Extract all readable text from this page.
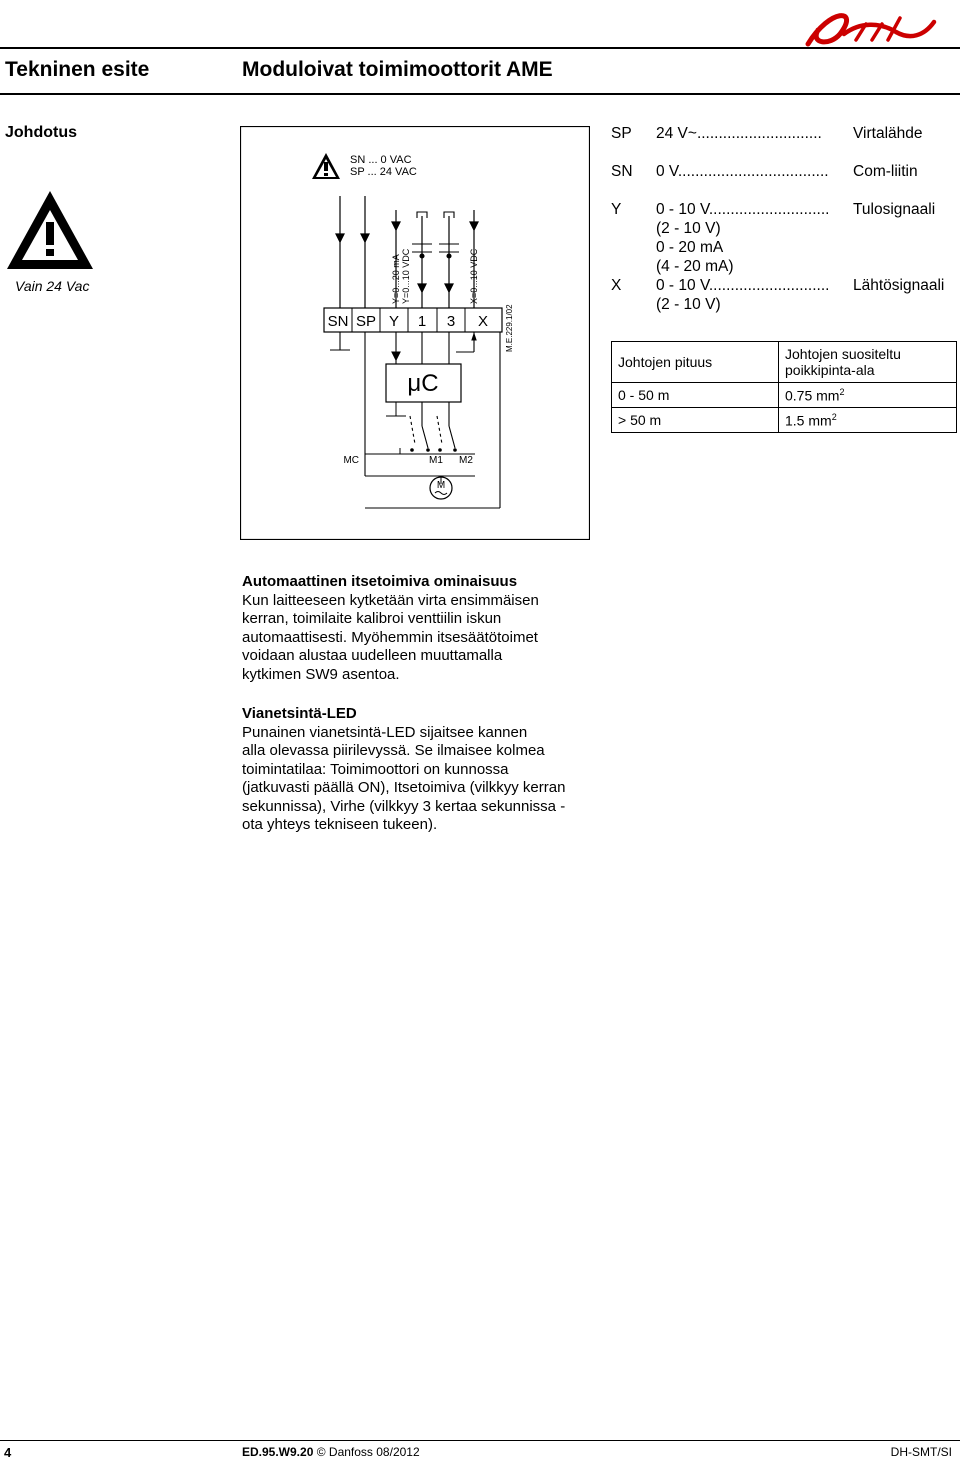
Tekninen esite	Moduloivat toimimoottorit AME
Johdotus
Vain 24 Vac
SN ... 0 VAC
SP ... 24 VAC
Y=0...20 mA Y=0...10 VDC	X=0...10 VDC
M.E.229.1/02
SN SP Y 1 3 X
μC
MC	M1 M2
M
SP 24 V~............................. Virtalähde
SN 0 V................................... Com-liitin
Y 0 - 10 V............................ Tulosignaali
(2 - 10 V)
0 - 20 mA
(4 - 20 mA)
X 0 - 10 V............................ Lähtösignaali
(2 - 10 V)
Johtojen pituus	Johtojen suositeltu
poikkipinta-ala
0 - 50 m	0.75 $mm^2$
> 50 m	1.5 $mm^2$
Automaattinen itsetoimiva ominaisuus
Kun laitteeseen kytketään virta ensimmäisen
kerran, toimilaite kalibroi venttiilin iskun
automaattisesti. Myöhemmin itsesäätötoimet
voidaan alustaa uudelleen muuttamalla
kytkimen SW9 asentoa.
Vianetsintä-LED
Punainen vianetsintä-LED sijaitsee kannen
alla olevassa piirilevyssä. Se ilmaisee kolmea
toimintatilaa: Toimimoottori on kunnossa
(jatkuvasti päällä ON), Itsetoimiva (vilkkyy kerran
sekunnissa), Virhe (vilkkyy 3 kertaa sekunnissa -
ota yhteys tekniseen tukeen).
4	ED.95.W9.20 © Danfoss 08/2012	DH-SMT/SI
